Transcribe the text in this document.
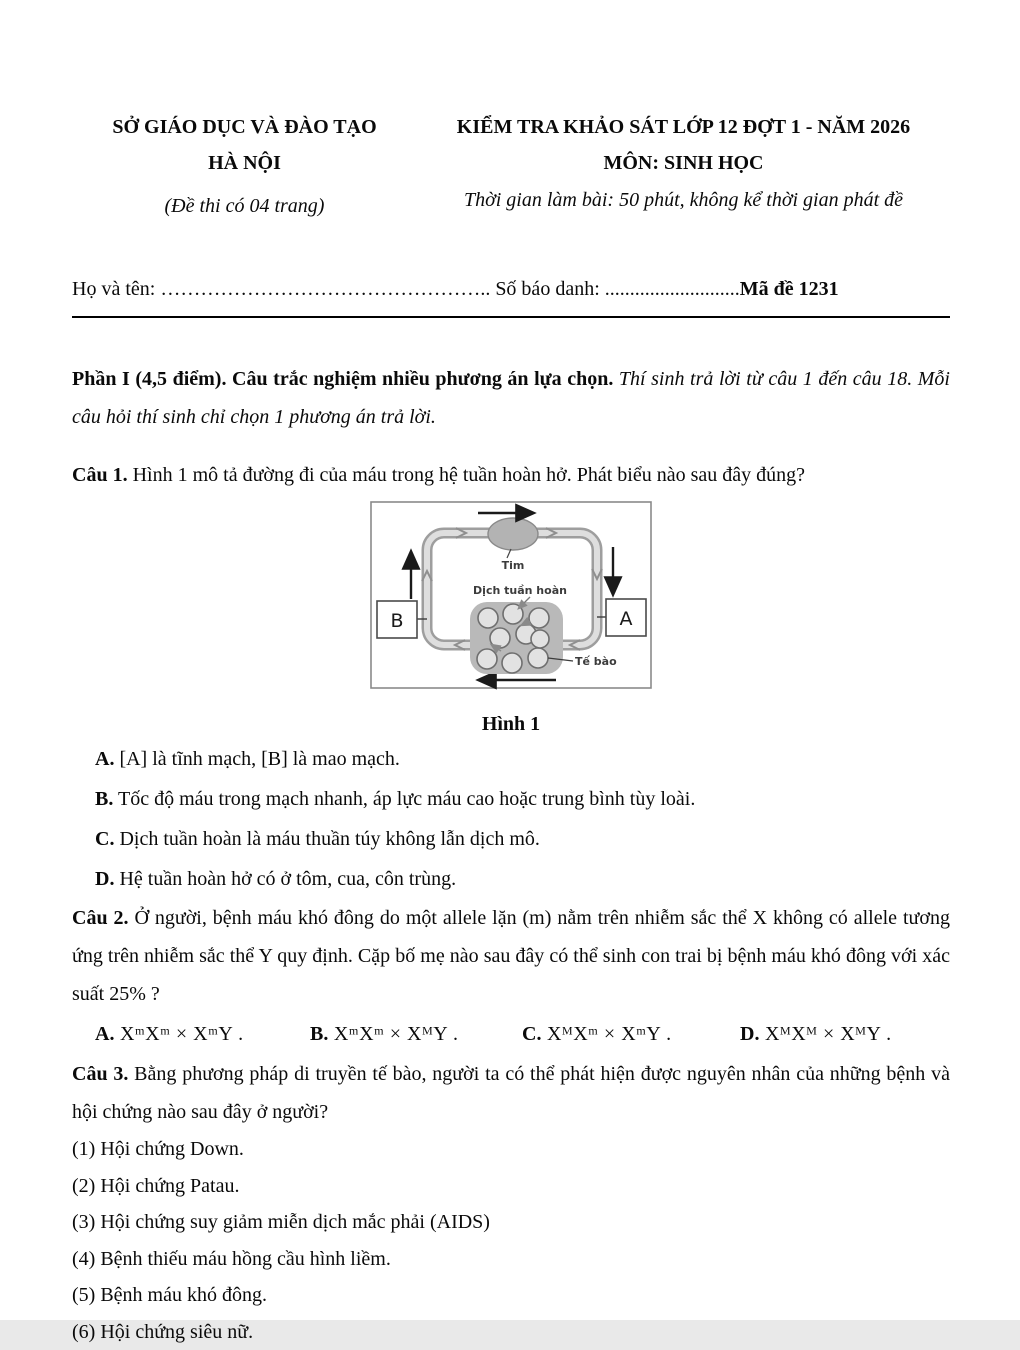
SỞ GIÁO DỤC VÀ ĐÀO TẠO
HÀ NỘI
(Đề thi có 04 trang)
KIỂM TRA KHẢO SÁT LỚP 12 ĐỢT 1 - NĂM 2026
MÔN: SINH HỌC
Thời gian làm bài: 50 phút, không kể thời gian phát đề
Họ và tên: ………………………………………….. Số báo danh: ...........................Mã đề 1231

Phần I (4,5 điểm). Câu trắc nghiệm nhiều phương án lựa chọn. Thí sinh trả lời từ câu 1 đến câu 18. Mỗi câu hỏi thí sinh chỉ chọn 1 phương án trả lời.

Câu 1. Hình 1 mô tả đường đi của máu trong hệ tuần hoàn hở. Phát biểu nào sau đây đúng?

Tim
Dịch tuần hoàn
Tế bào
B	A
Hình 1
A. [A] là tĩnh mạch, [B] là mao mạch.
B. Tốc độ máu trong mạch nhanh, áp lực máu cao hoặc trung bình tùy loài.
C. Dịch tuần hoàn là máu thuần túy không lẫn dịch mô.
D. Hệ tuần hoàn hở có ở tôm, cua, côn trùng.

Câu 2. Ở người, bệnh máu khó đông do một allele lặn (m) nằm trên nhiễm sắc thể X không có allele tương ứng trên nhiễm sắc thể Y quy định. Cặp bố mẹ nào sau đây có thể sinh con trai bị bệnh máu khó đông với xác suất 25% ?

A. XᵐXᵐ × XᵐY .	B. XᵐXᵐ × XᴹY .	C. XᴹXᵐ × XᵐY .	D. XᴹXᴹ × XᴹY .

Câu 3. Bằng phương pháp di truyền tế bào, người ta có thể phát hiện được nguyên nhân của những bệnh và hội chứng nào sau đây ở người?

(1) Hội chứng Down.
(2) Hội chứng Patau.
(3) Hội chứng suy giảm miễn dịch mắc phải (AIDS)
(4) Bệnh thiếu máu hồng cầu hình liềm.
(5) Bệnh máu khó đông.
(6) Hội chứng siêu nữ.
